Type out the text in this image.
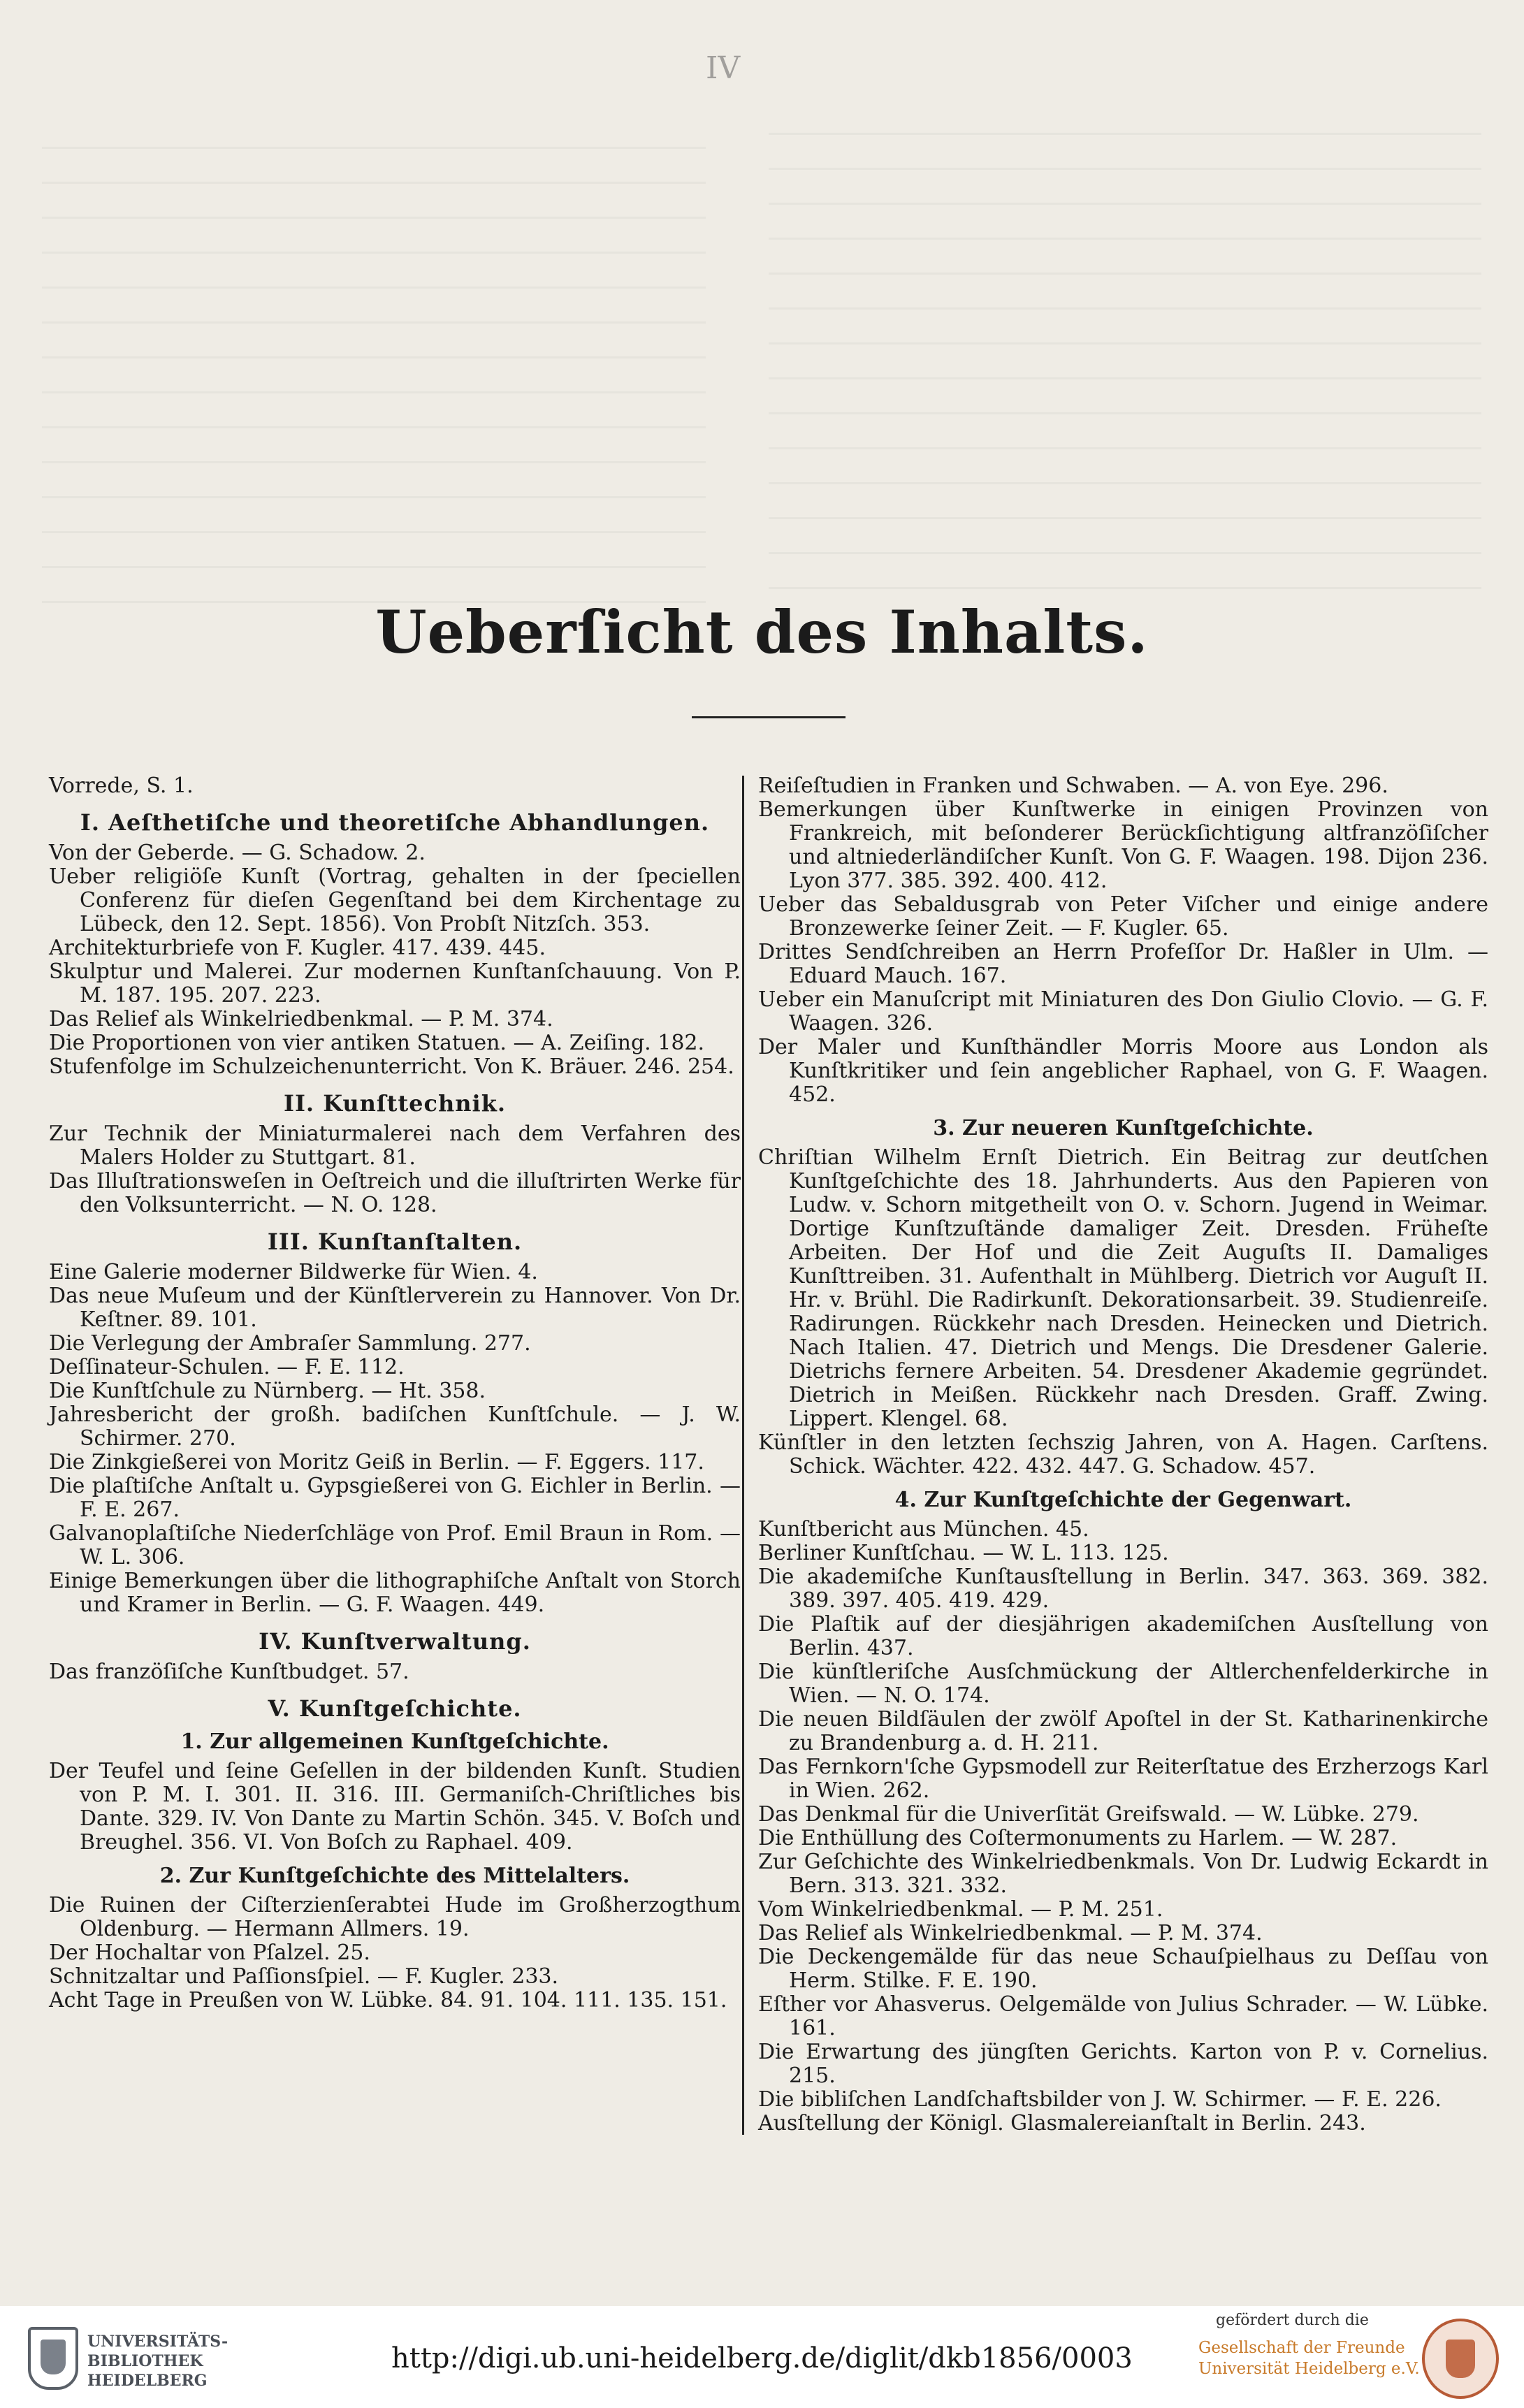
IV
Ueberſicht des Inhalts.
Vorrede, S. 1.
I. Aeſthetiſche und theoretiſche Abhandlungen.
Von der Geberde. — G. Schadow. 2.
Ueber religiöſe Kunſt (Vortrag, gehalten in der ſpeciellen Conferenz für dieſen Gegenſtand bei dem Kirchentage zu Lübeck, den 12. Sept. 1856). Von Probſt Nitzſch. 353.
Architekturbriefe von F. Kugler. 417. 439. 445.
Skulptur und Malerei. Zur modernen Kunſtanſchauung. Von P. M. 187. 195. 207. 223.
Das Relief als Winkelriedbenkmal. — P. M. 374.
Die Proportionen von vier antiken Statuen. — A. Zeiſing. 182.
Stufenfolge im Schulzeichenunterricht. Von K. Bräuer. 246. 254.
II. Kunſttechnik.
Zur Technik der Miniaturmalerei nach dem Verfahren des Malers Holder zu Stuttgart. 81.
Das Illuſtrationsweſen in Oeſtreich und die illuſtrirten Werke für den Volksunterricht. — N. O. 128.
III. Kunſtanſtalten.
Eine Galerie moderner Bildwerke für Wien. 4.
Das neue Muſeum und der Künſtlerverein zu Hannover. Von Dr. Keſtner. 89. 101.
Die Verlegung der Ambraſer Sammlung. 277.
Deſſinateur-Schulen. — F. E. 112.
Die Kunſtſchule zu Nürnberg. — Ht. 358.
Jahresbericht der großh. badiſchen Kunſtſchule. — J. W. Schirmer. 270.
Die Zinkgießerei von Moritz Geiß in Berlin. — F. Eggers. 117.
Die plaſtiſche Anſtalt u. Gypsgießerei von G. Eichler in Berlin. — F. E. 267.
Galvanoplaſtiſche Niederſchläge von Prof. Emil Braun in Rom. — W. L. 306.
Einige Bemerkungen über die lithographiſche Anſtalt von Storch und Kramer in Berlin. — G. F. Waagen. 449.
IV. Kunſtverwaltung.
Das franzöſiſche Kunſtbudget. 57.
V. Kunſtgeſchichte.
1. Zur allgemeinen Kunſtgeſchichte.
Der Teufel und ſeine Geſellen in der bildenden Kunſt. Studien von P. M. I. 301. II. 316. III. Germaniſch-Chriſtliches bis Dante. 329. IV. Von Dante zu Martin Schön. 345. V. Boſch und Breughel. 356. VI. Von Boſch zu Raphael. 409.
2. Zur Kunſtgeſchichte des Mittelalters.
Die Ruinen der Ciſterzienſerabtei Hude im Großherzogthum Oldenburg. — Hermann Allmers. 19.
Der Hochaltar von Pſalzel. 25.
Schnitzaltar und Paſſionsſpiel. — F. Kugler. 233.
Acht Tage in Preußen von W. Lübke. 84. 91. 104. 111. 135. 151.
Reiſeſtudien in Franken und Schwaben. — A. von Eye. 296.
Bemerkungen über Kunſtwerke in einigen Provinzen von Frankreich, mit beſonderer Berückſichtigung altfranzöſiſcher und altniederländiſcher Kunſt. Von G. F. Waagen. 198. Dijon 236. Lyon 377. 385. 392. 400. 412.
Ueber das Sebaldusgrab von Peter Viſcher und einige andere Bronzewerke ſeiner Zeit. — F. Kugler. 65.
Drittes Sendſchreiben an Herrn Profeſſor Dr. Haßler in Ulm. — Eduard Mauch. 167.
Ueber ein Manuſcript mit Miniaturen des Don Giulio Clovio. — G. F. Waagen. 326.
Der Maler und Kunſthändler Morris Moore aus London als Kunſtkritiker und ſein angeblicher Raphael, von G. F. Waagen. 452.
3. Zur neueren Kunſtgeſchichte.
Chriſtian Wilhelm Ernſt Dietrich. Ein Beitrag zur deutſchen Kunſtgeſchichte des 18. Jahrhunderts. Aus den Papieren von Ludw. v. Schorn mitgetheilt von O. v. Schorn. Jugend in Weimar. Dortige Kunſtzuſtände damaliger Zeit. Dresden. Früheſte Arbeiten. Der Hof und die Zeit Auguſts II. Damaliges Kunſttreiben. 31. Aufenthalt in Mühlberg. Dietrich vor Auguſt II. Hr. v. Brühl. Die Radirkunſt. Dekorationsarbeit. 39. Studienreiſe. Radirungen. Rückkehr nach Dresden. Heinecken und Dietrich. Nach Italien. 47. Dietrich und Mengs. Die Dresdener Galerie. Dietrichs fernere Arbeiten. 54. Dresdener Akademie gegründet. Dietrich in Meißen. Rückkehr nach Dresden. Graff. Zwing. Lippert. Klengel. 68.
Künſtler in den letzten ſechszig Jahren, von A. Hagen. Carſtens. Schick. Wächter. 422. 432. 447. G. Schadow. 457.
4. Zur Kunſtgeſchichte der Gegenwart.
Kunſtbericht aus München. 45.
Berliner Kunſtſchau. — W. L. 113. 125.
Die akademiſche Kunſtausſtellung in Berlin. 347. 363. 369. 382. 389. 397. 405. 419. 429.
Die Plaſtik auf der diesjährigen akademiſchen Ausſtellung von Berlin. 437.
Die künſtleriſche Ausſchmückung der Altlerchenfelderkirche in Wien. — N. O. 174.
Die neuen Bildſäulen der zwölf Apoſtel in der St. Katharinenkirche zu Brandenburg a. d. H. 211.
Das Fernkorn'ſche Gypsmodell zur Reiterſtatue des Erzherzogs Karl in Wien. 262.
Das Denkmal für die Univerſität Greifswald. — W. Lübke. 279.
Die Enthüllung des Coſtermonuments zu Harlem. — W. 287.
Zur Geſchichte des Winkelriedbenkmals. Von Dr. Ludwig Eckardt in Bern. 313. 321. 332.
Vom Winkelriedbenkmal. — P. M. 251.
Das Relief als Winkelriedbenkmal. — P. M. 374.
Die Deckengemälde für das neue Schauſpielhaus zu Deſſau von Herm. Stilke. F. E. 190.
Eſther vor Ahasverus. Oelgemälde von Julius Schrader. — W. Lübke. 161.
Die Erwartung des jüngſten Gerichts. Karton von P. v. Cornelius. 215.
Die bibliſchen Landſchaftsbilder von J. W. Schirmer. — F. E. 226.
Ausſtellung der Königl. Glasmalereianſtalt in Berlin. 243.
UNIVERSITÄTS-
BIBLIOTHEK
HEIDELBERG
http://digi.ub.uni-heidelberg.de/diglit/dkb1856/0003
gefördert durch die
Gesellschaft der Freunde
Universität Heidelberg e.V.
